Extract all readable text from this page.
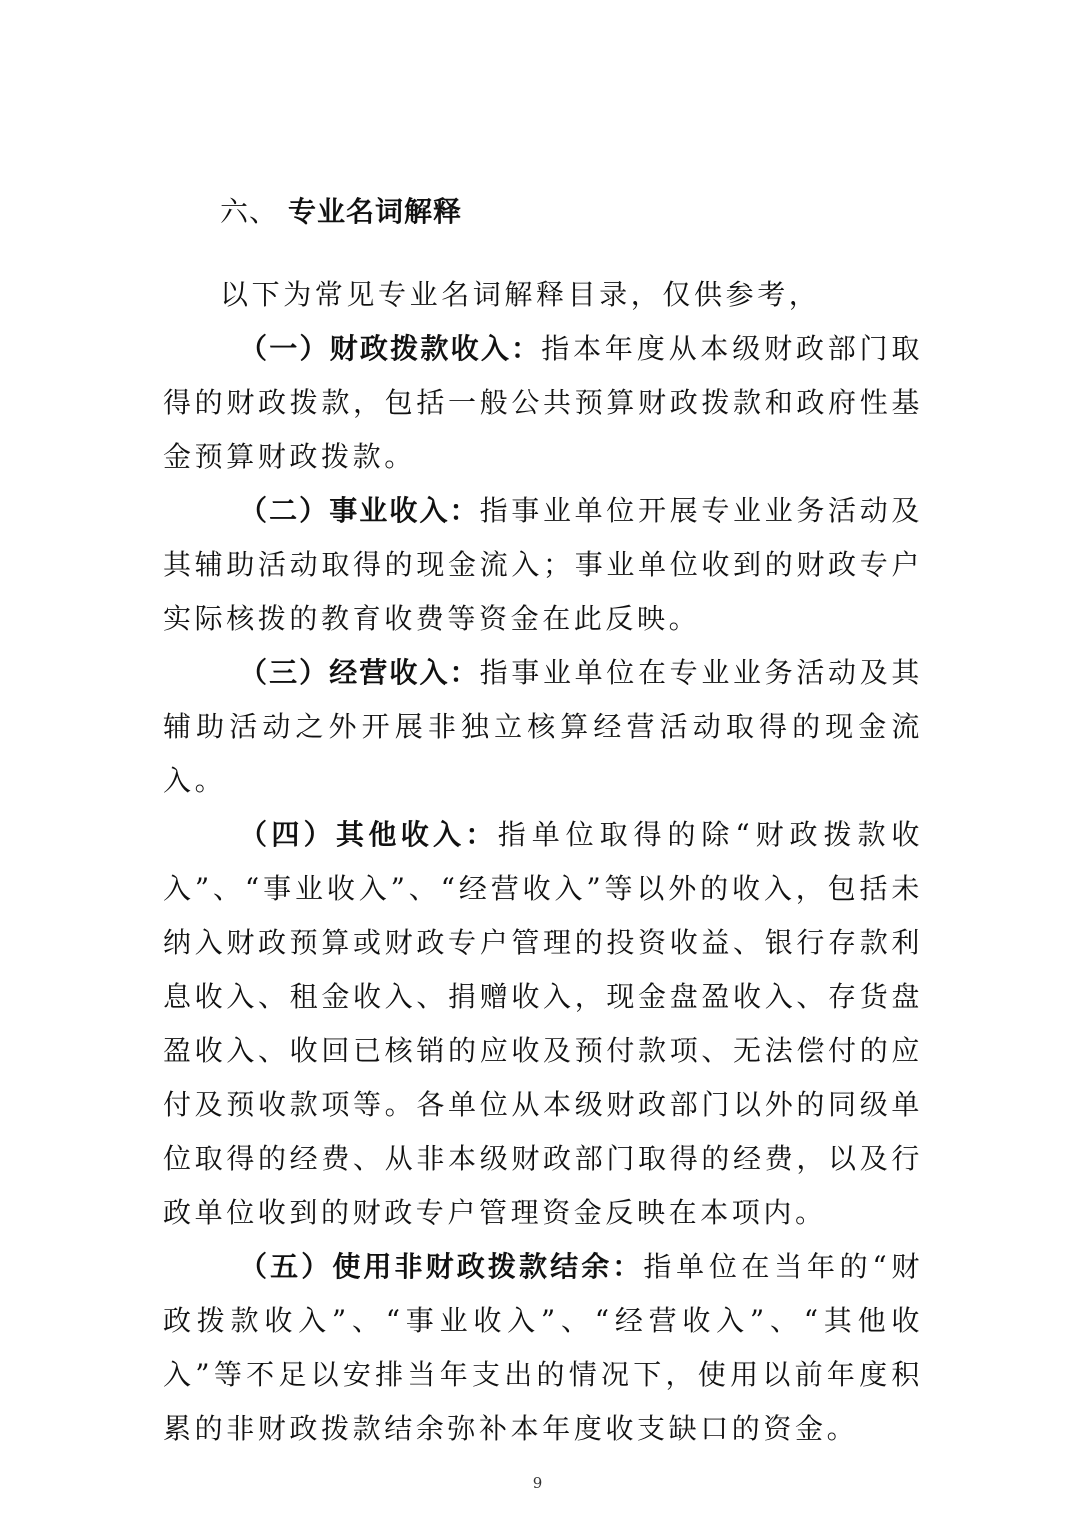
六、 专业名词解释

以下为常见专业名词解释目录，仅供参考，

（一）财政拨款收入：指本年度从本级财政部门取得的财政拨款，包括一般公共预算财政拨款和政府性基金预算财政拨款。

（二）事业收入：指事业单位开展专业业务活动及其辅助活动取得的现金流入；事业单位收到的财政专户实际核拨的教育收费等资金在此反映。

（三）经营收入：指事业单位在专业业务活动及其辅助活动之外开展非独立核算经营活动取得的现金流入。

（四）其他收入：指单位取得的除“财政拨款收入”、“事业收入”、“经营收入”等以外的收入，包括未纳入财政预算或财政专户管理的投资收益、银行存款利息收入、租金收入、捐赠收入，现金盘盈收入、存货盘盈收入、收回已核销的应收及预付款项、无法偿付的应付及预收款项等。各单位从本级财政部门以外的同级单位取得的经费、从非本级财政部门取得的经费，以及行政单位收到的财政专户管理资金反映在本项内。

（五）使用非财政拨款结余：指单位在当年的“财政拨款收入”、“事业收入”、“经营收入”、“其他收入”等不足以安排当年支出的情况下，使用以前年度积累的非财政拨款结余弥补本年度收支缺口的资金。

9
